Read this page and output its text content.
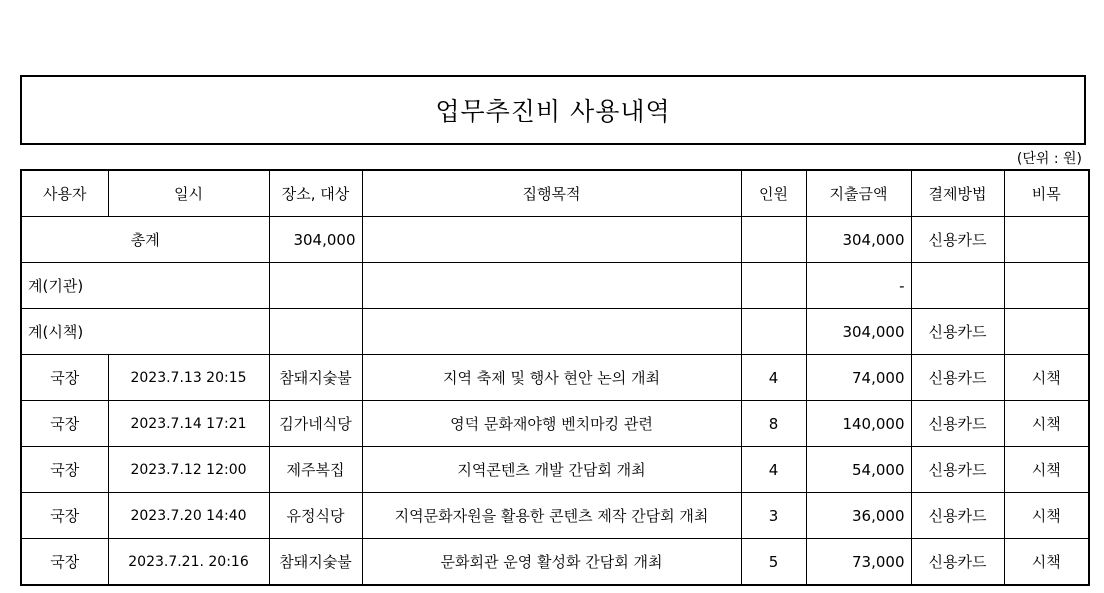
업무추진비 사용내역
(단위 : 원)
사용자	일시	장소, 대상	집행목적	인원	지출금액	결제방법	비목
총계		304,000			304,000	신용카드	
계(기관)					-		
계(시책)					304,000	신용카드	
국장	2023.7.13 20:15	참돼지숯불	지역 축제 및 행사 현안 논의 개최	4	74,000	신용카드	시책
국장	2023.7.14 17:21	김가네식당	영덕 문화재야행 벤치마킹 관련	8	140,000	신용카드	시책
국장	2023.7.12 12:00	제주복집	지역콘텐츠 개발 간담회 개최	4	54,000	신용카드	시책
국장	2023.7.20 14:40	유정식당	지역문화자원을 활용한 콘텐츠 제작 간담회 개최	3	36,000	신용카드	시책
국장	2023.7.21. 20:16	참돼지숯불	문화회관 운영 활성화 간담회 개최	5	73,000	신용카드	시책
